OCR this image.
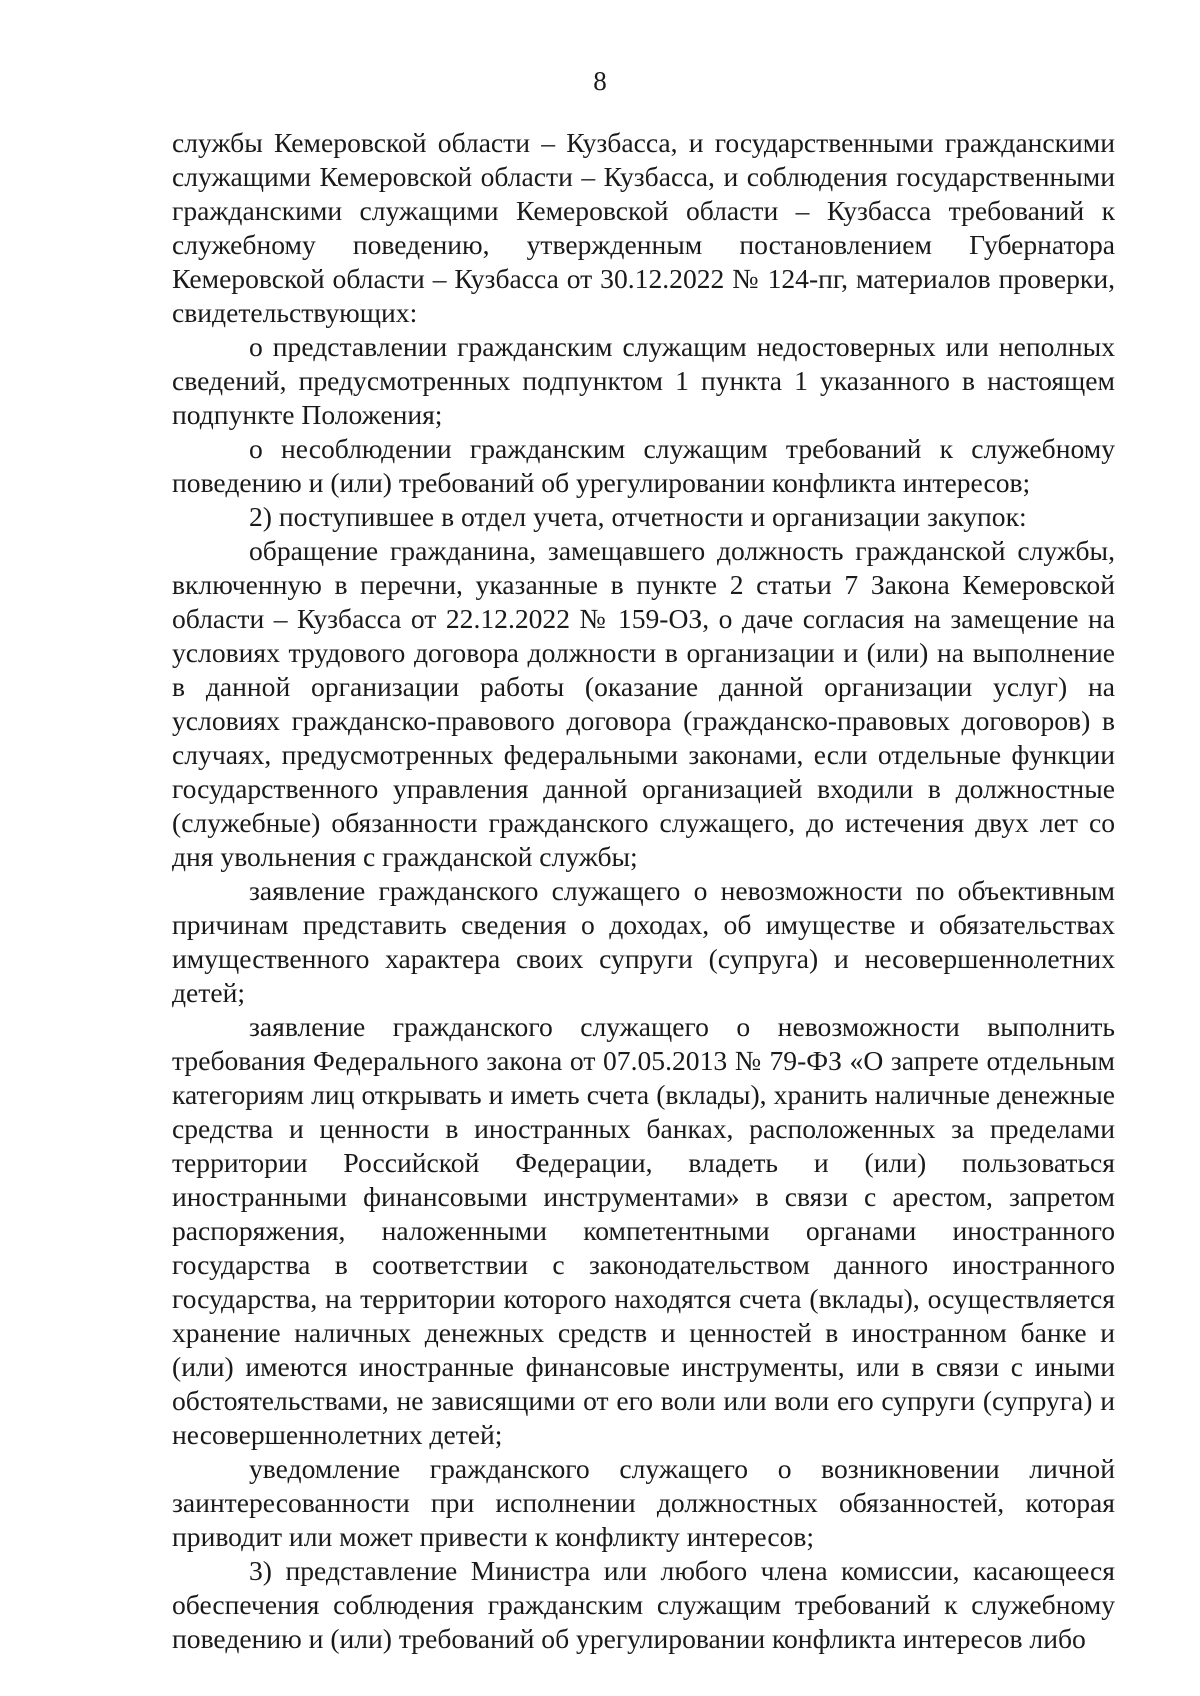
8

службы Кемеровской области – Кузбасса, и государственными гражданскими служащими Кемеровской области – Кузбасса, и соблюдения государственными гражданскими служащими Кемеровской области – Кузбасса требований к служебному поведению, утвержденным постановлением Губернатора Кемеровской области – Кузбасса от 30.12.2022 № 124-пг, материалов проверки, свидетельствующих:

о представлении гражданским служащим недостоверных или неполных сведений, предусмотренных подпунктом 1 пункта 1 указанного в настоящем подпункте Положения;

о несоблюдении гражданским служащим требований к служебному поведению и (или) требований об урегулировании конфликта интересов;

2) поступившее в отдел учета, отчетности и организации закупок:

обращение гражданина, замещавшего должность гражданской службы, включенную в перечни, указанные в пункте 2 статьи 7 Закона Кемеровской области – Кузбасса от 22.12.2022 № 159-ОЗ, о даче согласия на замещение на условиях трудового договора должности в организации и (или) на выполнение в данной организации работы (оказание данной организации услуг) на условиях гражданско-правового договора (гражданско-правовых договоров) в случаях, предусмотренных федеральными законами, если отдельные функции государственного управления данной организацией входили в должностные (служебные) обязанности гражданского служащего, до истечения двух лет со дня увольнения с гражданской службы;

заявление гражданского служащего о невозможности по объективным причинам представить сведения о доходах, об имуществе и обязательствах имущественного характера своих супруги (супруга) и несовершеннолетних детей;

заявление гражданского служащего о невозможности выполнить требования Федерального закона от 07.05.2013 № 79-ФЗ «О запрете отдельным категориям лиц открывать и иметь счета (вклады), хранить наличные денежные средства и ценности в иностранных банках, расположенных за пределами территории Российской Федерации, владеть и (или) пользоваться иностранными финансовыми инструментами» в связи с арестом, запретом распоряжения, наложенными компетентными органами иностранного государства в соответствии с законодательством данного иностранного государства, на территории которого находятся счета (вклады), осуществляется хранение наличных денежных средств и ценностей в иностранном банке и (или) имеются иностранные финансовые инструменты, или в связи с иными обстоятельствами, не зависящими от его воли или воли его супруги (супруга) и несовершеннолетних детей;

уведомление гражданского служащего о возникновении личной заинтересованности при исполнении должностных обязанностей, которая приводит или может привести к конфликту интересов;

3) представление Министра или любого члена комиссии, касающееся обеспечения соблюдения гражданским служащим требований к служебному поведению и (или) требований об урегулировании конфликта интересов либо
